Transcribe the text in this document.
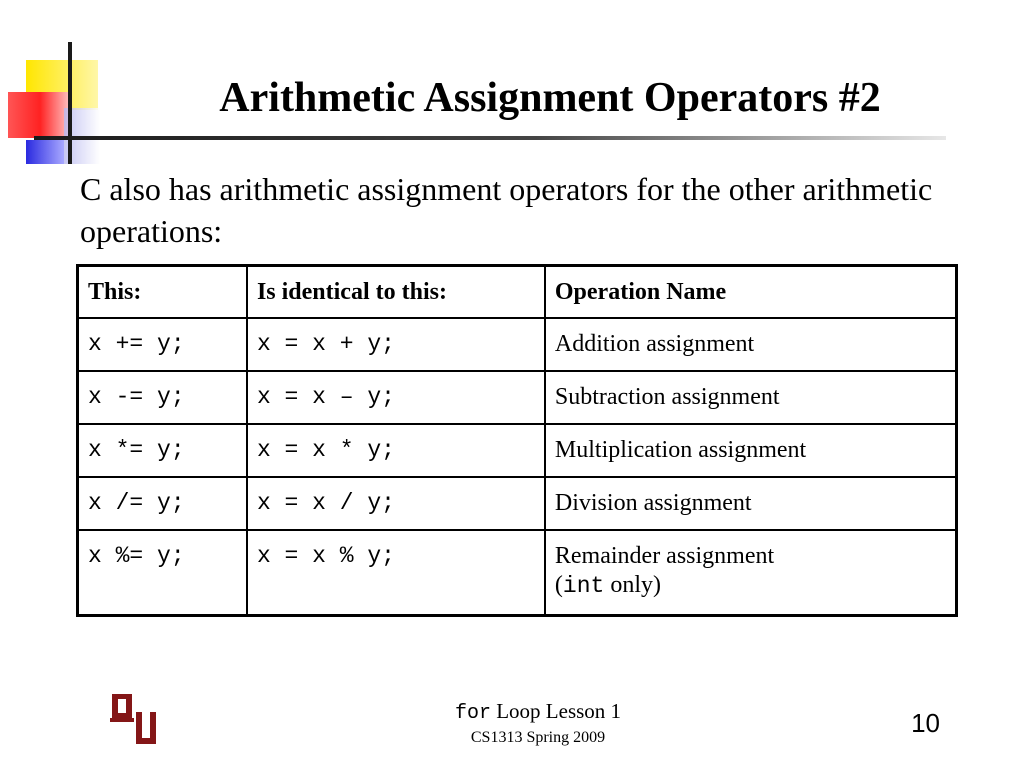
Arithmetic Assignment Operators #2
C also has arithmetic assignment operators for the other arithmetic operations:
This:	Is identical to this:	Operation Name
x += y;	x = x + y;	Addition assignment
x -= y;	x = x – y;	Subtraction assignment
x *= y;	x = x * y;	Multiplication assignment
x /= y;	x = x / y;	Division assignment
x %= y;	x = x % y;	Remainder assignment
(int only)
for Loop Lesson 1
CS1313 Spring 2009	10
